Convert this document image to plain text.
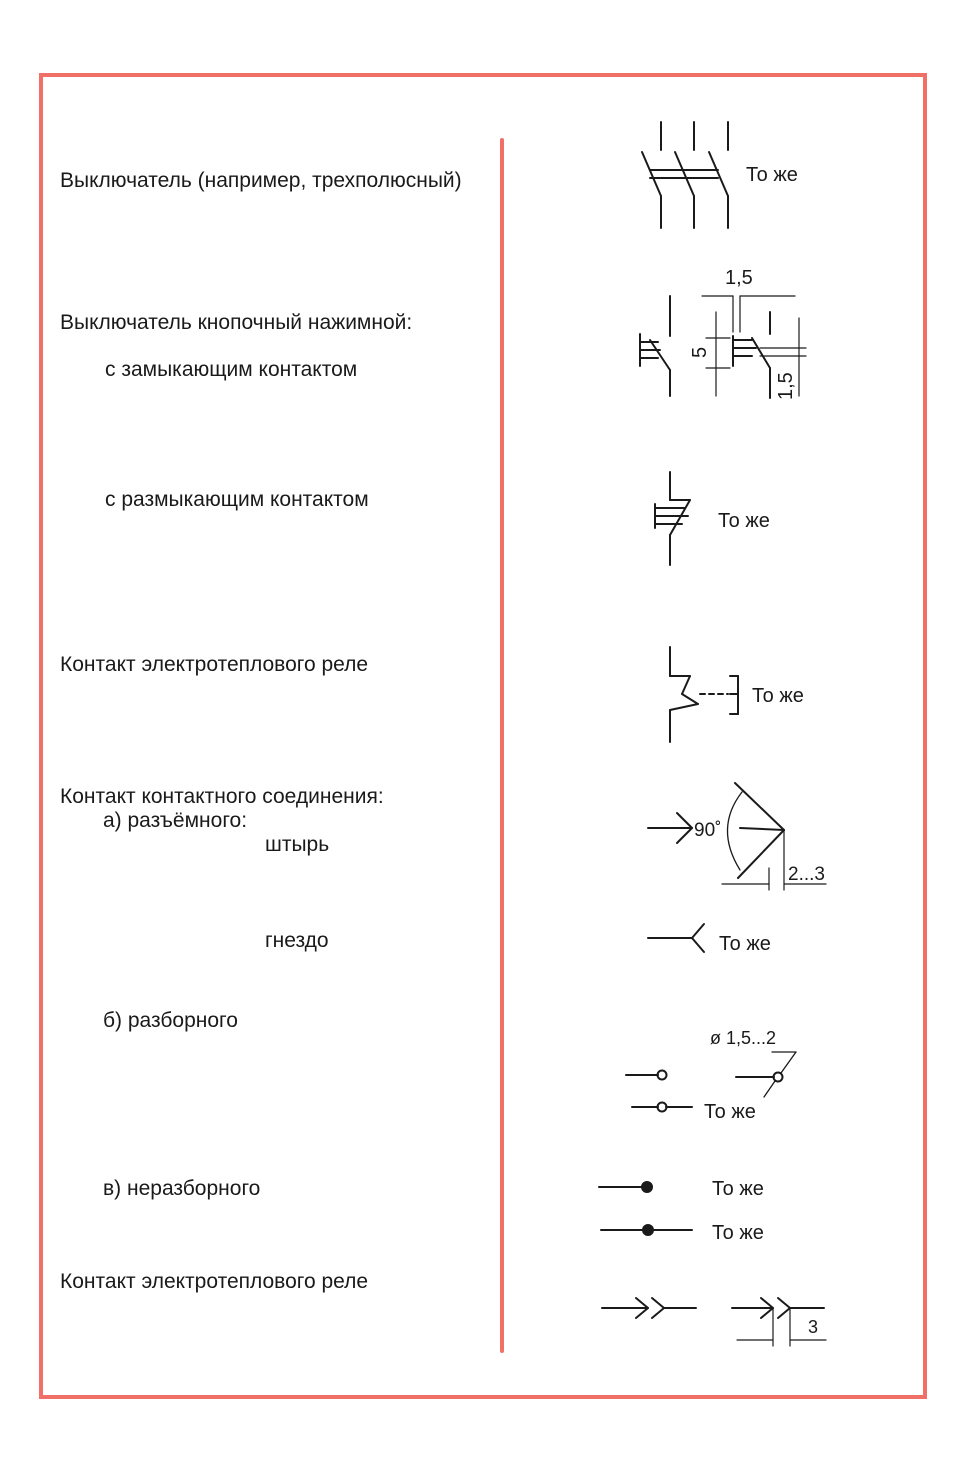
Выключатель (например, трехполюсный)
Выключатель кнопочный нажимной:
с замыкающим контактом
с размыкающим контактом
Контакт электротеплового реле
Контакт контактного соединения:
а) разъёмного:
штырь
гнездо
б) разборного
в) неразборного
Контакт электротеплового реле
То же
1,5
5
1,5
То же
То же
90˚
2...3
То же
ø 1,5...2
То же
То же
То же
3
